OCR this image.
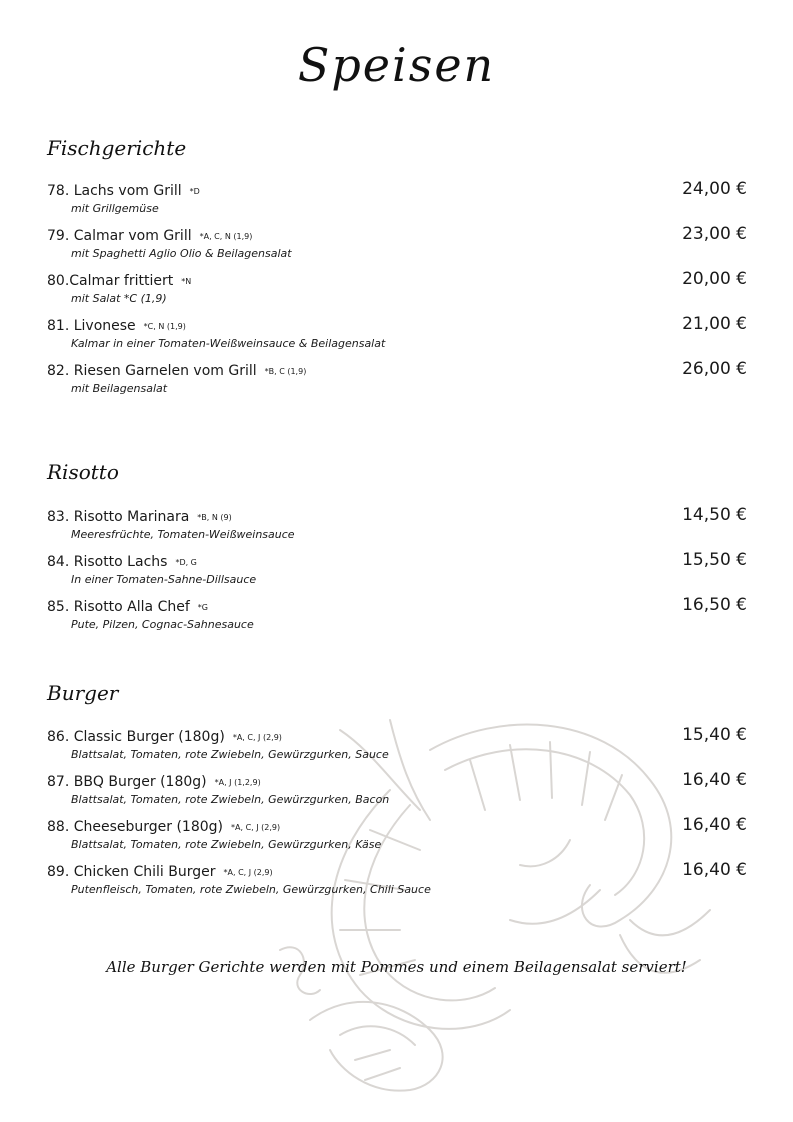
Speisen
Fischgerichte
78. Lachs vom Grill *D
mit Grillgemüse
24,00 €
79. Calmar vom Grill *A, C, N (1,9)
mit Spaghetti Aglio Olio & Beilagensalat
23,00 €
80.Calmar frittiert *N
mit Salat *C (1,9)
20,00 €
81. Livonese *C, N (1,9)
Kalmar in einer Tomaten-Weißweinsauce & Beilagensalat
21,00 €
82. Riesen Garnelen vom Grill *B, C (1,9)
mit Beilagensalat
26,00 €
Risotto
83. Risotto Marinara *B, N (9)
Meeresfrüchte, Tomaten-Weißweinsauce
14,50 €
84. Risotto Lachs *D, G
In einer Tomaten-Sahne-Dillsauce
15,50 €
85. Risotto Alla Chef *G
Pute, Pilzen, Cognac-Sahnesauce
16,50 €
Burger
86. Classic Burger (180g) *A, C, J (2,9)
Blattsalat, Tomaten, rote Zwiebeln, Gewürzgurken, Sauce
15,40 €
87. BBQ Burger (180g) *A, J (1,2,9)
Blattsalat, Tomaten, rote Zwiebeln, Gewürzgurken, Bacon
16,40 €
88. Cheeseburger (180g) *A, C, J (2,9)
Blattsalat, Tomaten, rote Zwiebeln, Gewürzgurken, Käse
16,40 €
89. Chicken Chili Burger *A, C, J (2,9)
Putenfleisch, Tomaten, rote Zwiebeln, Gewürzgurken, Chili Sauce
16,40 €
Alle Burger Gerichte werden mit Pommes und einem Beilagensalat serviert!
